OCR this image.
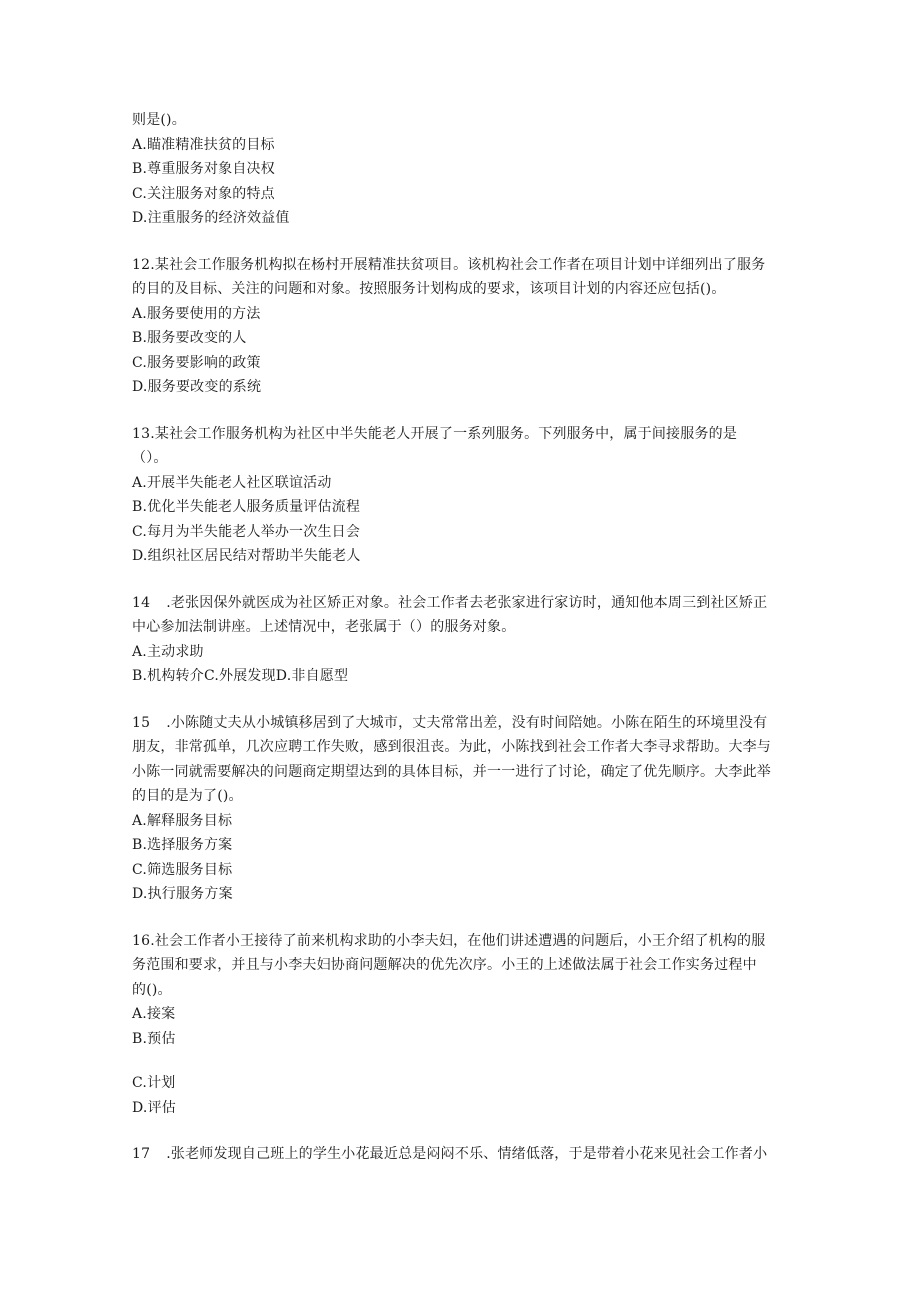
则是()。
A.瞄准精准扶贫的目标
B.尊重服务对象自决权
C.关注服务对象的特点
D.注重服务的经济效益值
12.某社会工作服务机构拟在杨村开展精准扶贫项目。该机构社会工作者在项目计划中详细列出了服务
的目的及目标、关注的问题和对象。按照服务计划构成的要求，该项目计划的内容还应包括()。
A.服务要使用的方法
B.服务要改变的人
C.服务要影响的政策
D.服务要改变的系统
13.某社会工作服务机构为社区中半失能老人开展了一系列服务。下列服务中，属于间接服务的是
（）。
A.开展半失能老人社区联谊活动
B.优化半失能老人服务质量评估流程
C.每月为半失能老人举办一次生日会
D.组织社区居民结对帮助半失能老人
14 .老张因保外就医成为社区矫正对象。社会工作者去老张家进行家访时，通知他本周三到社区矫正
中心参加法制讲座。上述情况中，老张属于（）的服务对象。
A.主动求助
B.机构转介C.外展发现D.非自愿型
15 .小陈随丈夫从小城镇移居到了大城市，丈夫常常出差，没有时间陪她。小陈在陌生的环境里没有
朋友，非常孤单，几次应聘工作失败，感到很沮丧。为此，小陈找到社会工作者大李寻求帮助。大李与
小陈一同就需要解决的问题商定期望达到的具体目标，并一一进行了讨论，确定了优先顺序。大李此举
的目的是为了()。
A.解释服务目标
B.选择服务方案
C.筛选服务目标
D.执行服务方案
16.社会工作者小王接待了前来机构求助的小李夫妇，在他们讲述遭遇的问题后，小王介绍了机构的服
务范围和要求，并且与小李夫妇协商问题解决的优先次序。小王的上述做法属于社会工作实务过程中
的()。
A.接案
B.预估
C.计划
D.评估
17 .张老师发现自己班上的学生小花最近总是闷闷不乐、情绪低落，于是带着小花来见社会工作者小
